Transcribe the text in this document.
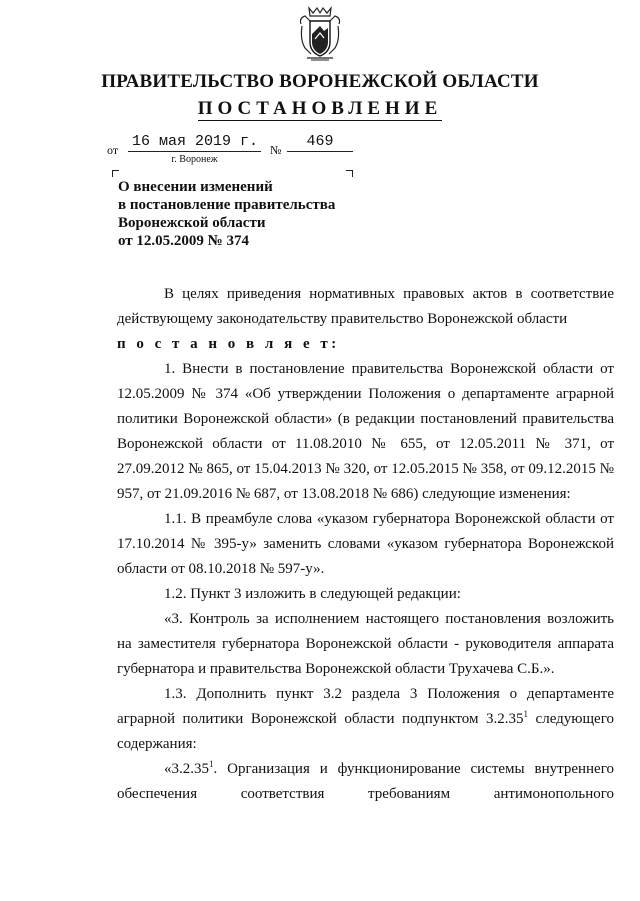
ПРАВИТЕЛЬСТВО ВОРОНЕЖСКОЙ ОБЛАСТИ
ПОСТАНОВЛЕНИЕ
от 16 мая 2019 г.
г. Воронеж
№	469
О внесении изменений
в постановление правительства
Воронежской области
от 12.05.2009 № 374

В целях приведения нормативных правовых актов в соответствие действующему законодательству правительство Воронежской области

п о с т а н о в л я е т:

1. Внести в постановление правительства Воронежской области от 12.05.2009 № 374 «Об утверждении Положения о департаменте аграрной политики Воронежской области» (в редакции постановлений правительства Воронежской области от 11.08.2010 № 655, от 12.05.2011 № 371, от 27.09.2012 № 865, от 15.04.2013 № 320, от 12.05.2015 № 358, от 09.12.2015 № 957, от 21.09.2016 № 687, от 13.08.2018 № 686) следующие изменения:

1.1. В преамбуле слова «указом губернатора Воронежской области от 17.10.2014 № 395-у» заменить словами «указом губернатора Воронежской области от 08.10.2018 № 597-у».

1.2. Пункт 3 изложить в следующей редакции:

«3. Контроль за исполнением настоящего постановления возложить на заместителя губернатора Воронежской области - руководителя аппарата губернатора и правительства Воронежской области Трухачева С.Б.».

1.3. Дополнить пункт 3.2 раздела 3 Положения о департаменте аграрной политики Воронежской области подпунктом 3.2.35$^1$ следующего содержания:

«3.2.35$^1$. Организация и функционирование системы внутреннего обеспечения соответствия требованиям антимонопольного
